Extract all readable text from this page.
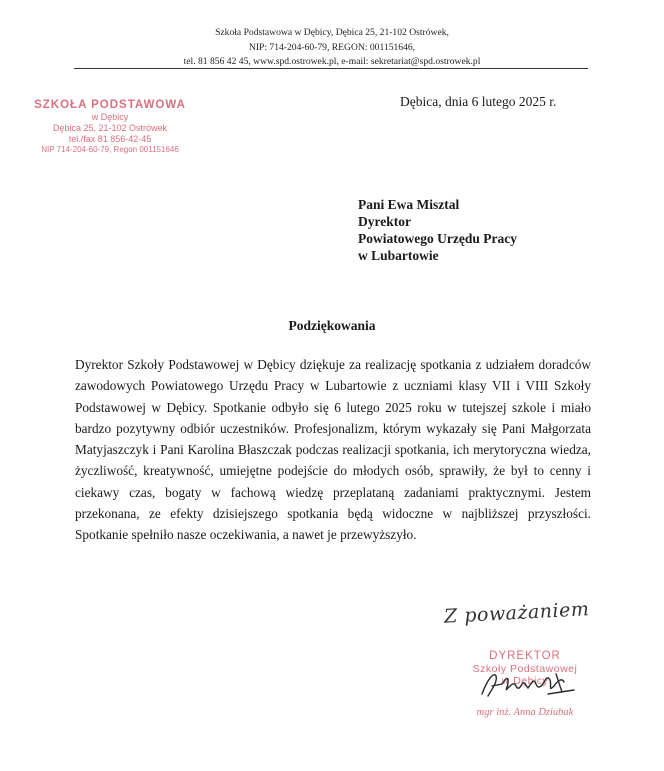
Szkoła Podstawowa w Dębicy, Dębica 25, 21-102 Ostrówek,
NIP: 714-204-60-79, REGON: 001151646,
tel. 81 856 42 45, www.spd.ostrowek.pl, e-mail: sekretariat@spd.ostrowek.pl
SZKOŁA PODSTAWOWA
w Dębicy
Dębica 25, 21-102 Ostrówek
tel./fax 81 856-42-45
NIP 714-204-60-79, Regon 001151646
Dębica, dnia 6 lutego 2025 r.
Pani Ewa Misztal
Dyrektor
Powiatowego Urzędu Pracy
w Lubartowie
Podziękowania
Dyrektor Szkoły Podstawowej w Dębicy dziękuje za realizację spotkania z udziałem doradców zawodowych Powiatowego Urzędu Pracy w Lubartowie z uczniami klasy VII i VIII Szkoły Podstawowej w Dębicy. Spotkanie odbyło się 6 lutego 2025 roku w tutejszej szkole i miało bardzo pozytywny odbiór uczestników. Profesjonalizm, którym wykazały się Pani Małgorzata Matyjaszczyk i Pani Karolina Błaszczak podczas realizacji spotkania, ich merytoryczna wiedza, życzliwość, kreatywność, umiejętne podejście do młodych osób, sprawiły, że był to cenny i ciekawy czas, bogaty w fachową wiedzę przeplataną zadaniami praktycznymi. Jestem przekonana, ze efekty dzisiejszego spotkania będą widoczne w najbliższej przyszłości. Spotkanie spełniło nasze oczekiwania, a nawet je przewyższyło.
Z poważaniem
DYREKTOR
Szkoły Podstawowej
w Dębicy
mgr inż. Anna Dziubak
